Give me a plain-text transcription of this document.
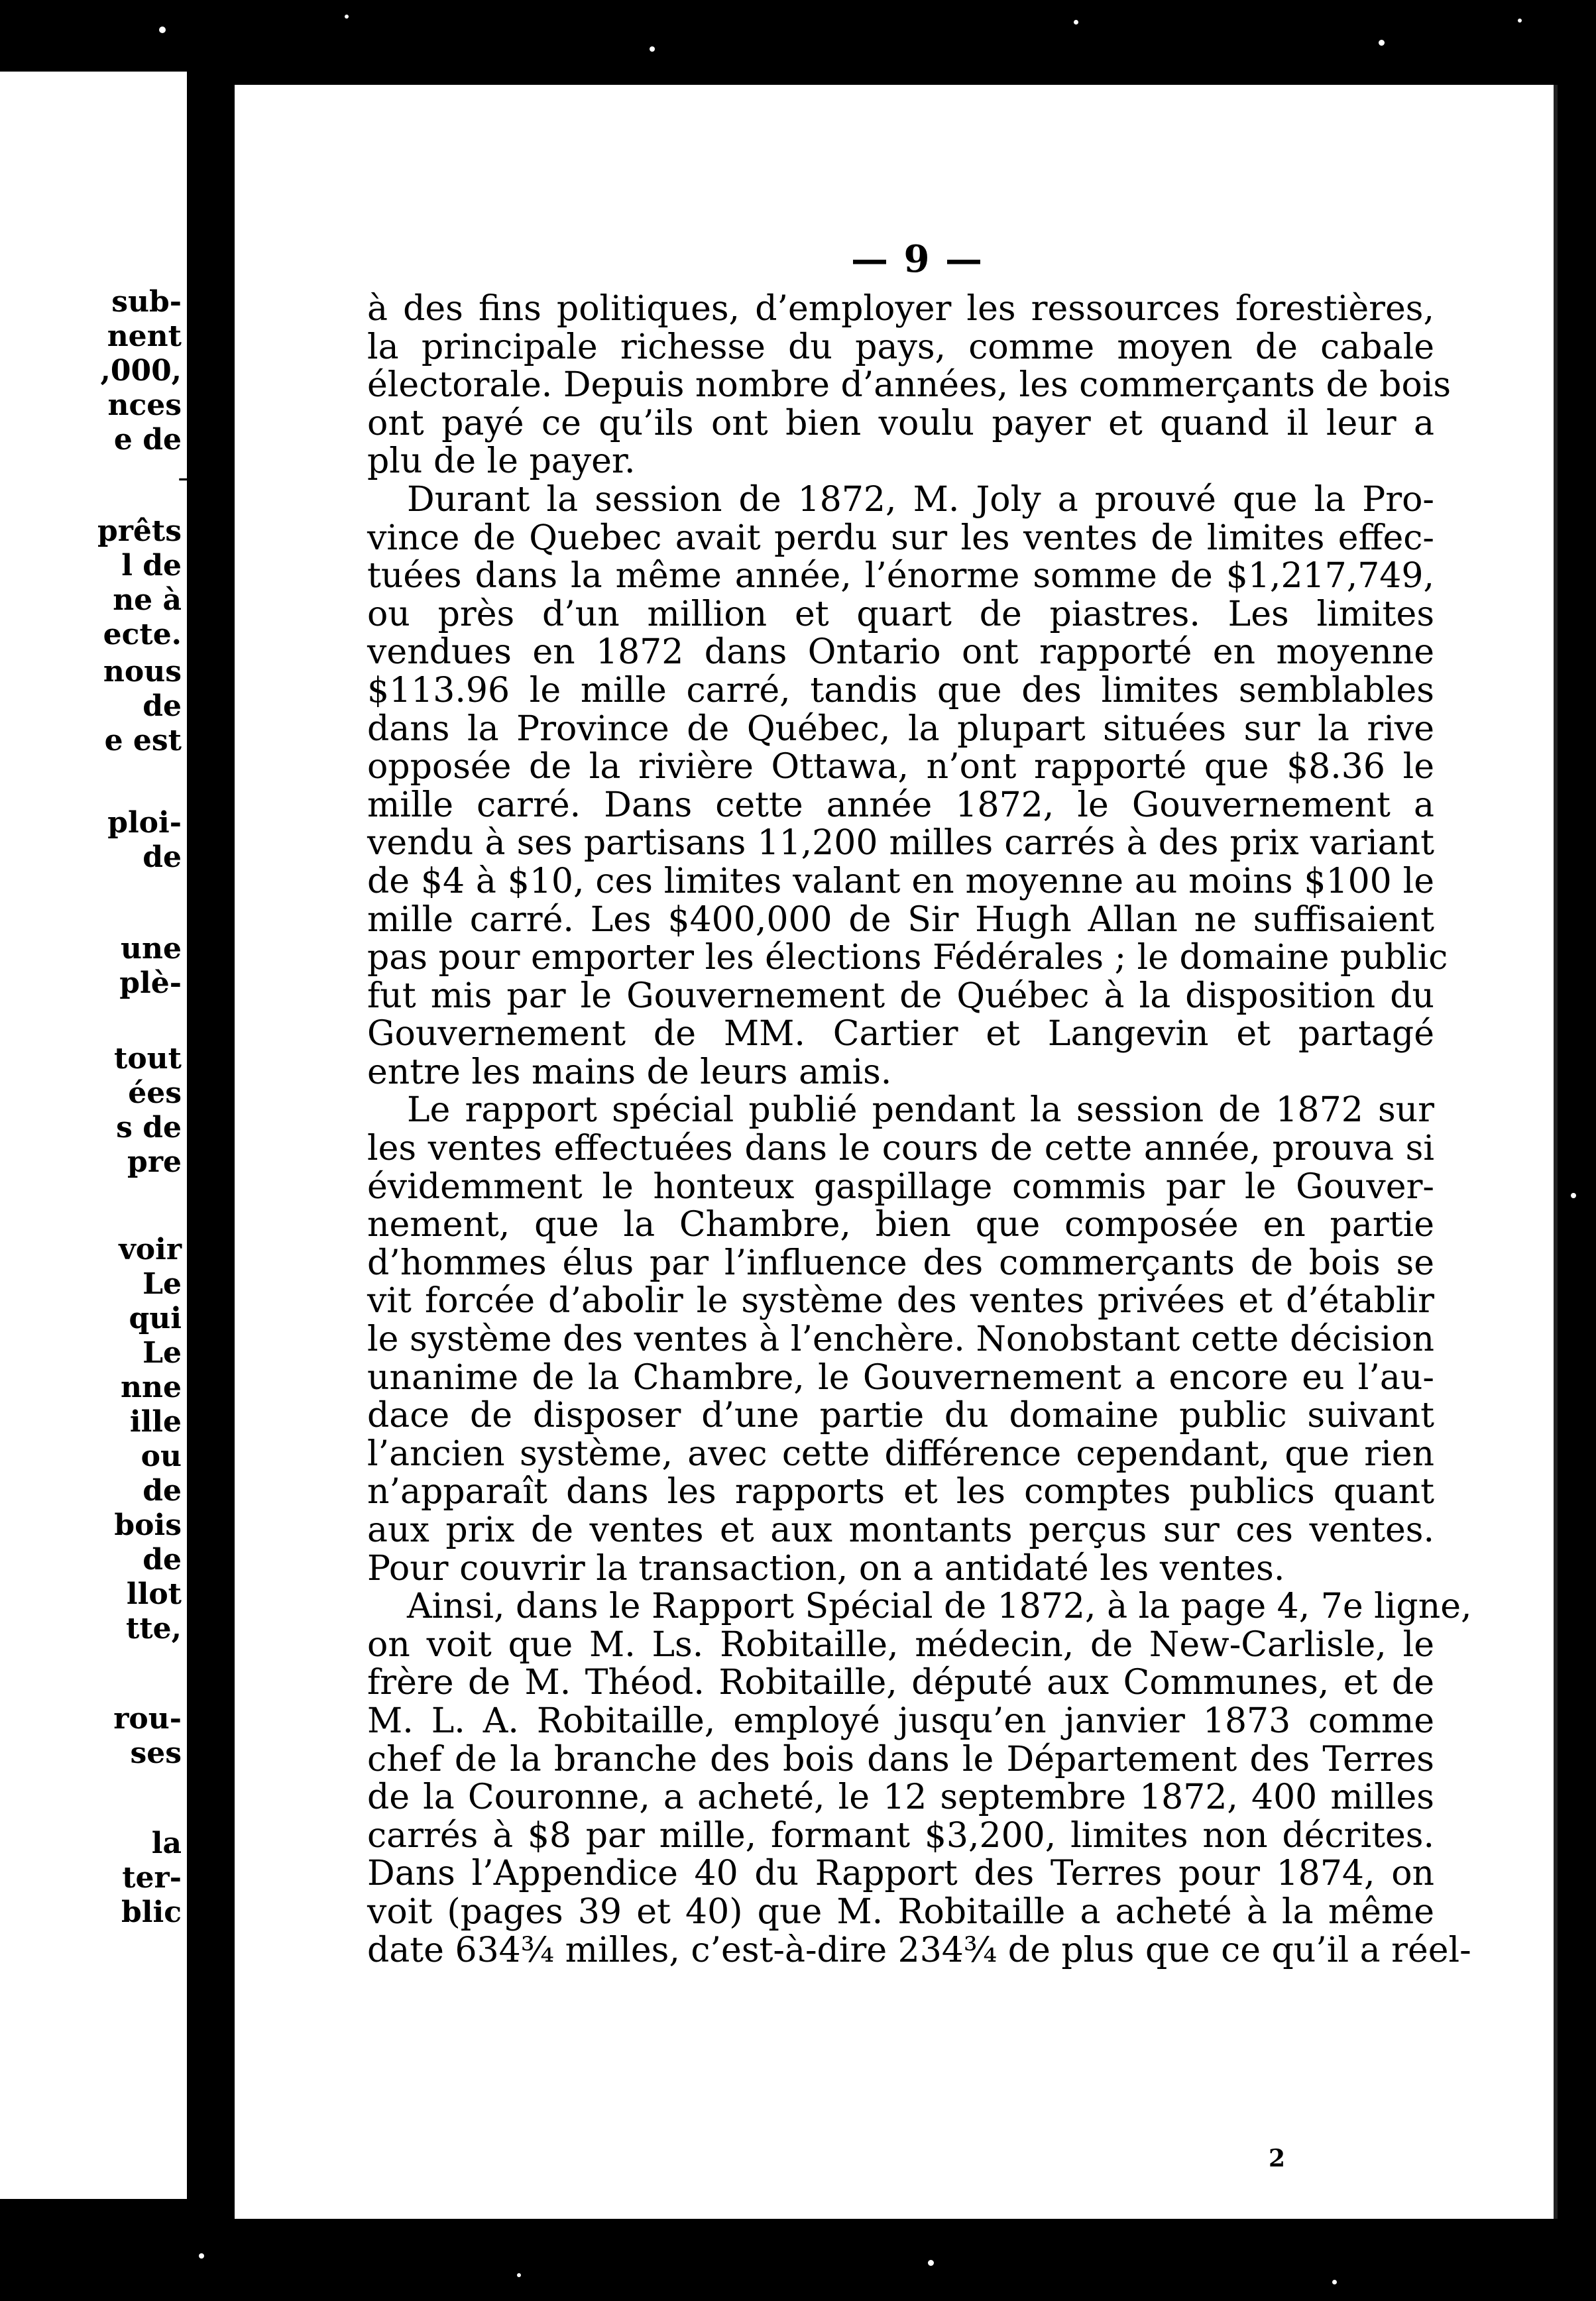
sub-
nent
,000,
nces
e de
prêts
l de
ne à
ecte.
nous
de
e est
ploi-
de
une
plè-
tout
ées
s de
pre
voir
Le
qui
Le
nne
ille
ou
de
bois
de
llot
tte,
rou-
ses
la
ter-
blic
→
— 9 —
à des fins politiques, d’employer les ressources forestières,
la principale richesse du pays, comme moyen de cabale
électorale. Depuis nombre d’années, les commerçants de bois
ont payé ce qu’ils ont bien voulu payer et quand il leur a
plu de le payer.
Durant la session de 1872, M. Joly a prouvé que la Pro-
vince de Quebec avait perdu sur les ventes de limites effec-
tuées dans la même année, l’énorme somme de $1,217,749,
ou près d’un million et quart de piastres. Les limites
vendues en 1872 dans Ontario ont rapporté en moyenne
$113.96 le mille carré, tandis que des limites semblables
dans la Province de Québec, la plupart situées sur la rive
opposée de la rivière Ottawa, n’ont rapporté que $8.36 le
mille carré. Dans cette année 1872, le Gouvernement a
vendu à ses partisans 11,200 milles carrés à des prix variant
de $4 à $10, ces limites valant en moyenne au moins $100 le
mille carré. Les $400,000 de Sir Hugh Allan ne suffisaient
pas pour emporter les élections Fédérales ; le domaine public
fut mis par le Gouvernement de Québec à la disposition du
Gouvernement de MM. Cartier et Langevin et partagé
entre les mains de leurs amis.
Le rapport spécial publié pendant la session de 1872 sur
les ventes effectuées dans le cours de cette année, prouva si
évidemment le honteux gaspillage commis par le Gouver-
nement, que la Chambre, bien que composée en partie
d’hommes élus par l’influence des commerçants de bois se
vit forcée d’abolir le système des ventes privées et d’établir
le système des ventes à l’enchère. Nonobstant cette décision
unanime de la Chambre, le Gouvernement a encore eu l’au-
dace de disposer d’une partie du domaine public suivant
l’ancien système, avec cette différence cependant, que rien
n’apparaît dans les rapports et les comptes publics quant
aux prix de ventes et aux montants perçus sur ces ventes.
Pour couvrir la transaction, on a antidaté les ventes.
Ainsi, dans le Rapport Spécial de 1872, à la page 4, 7e ligne,
on voit que M. Ls. Robitaille, médecin, de New-Carlisle, le
frère de M. Théod. Robitaille, député aux Communes, et de
M. L. A. Robitaille, employé jusqu’en janvier 1873 comme
chef de la branche des bois dans le Département des Terres
de la Couronne, a acheté, le 12 septembre 1872, 400 milles
carrés à $8 par mille, formant $3,200, limites non décrites.
Dans l’Appendice 40 du Rapport des Terres pour 1874, on
voit (pages 39 et 40) que M. Robitaille a acheté à la même
date 634¾ milles, c’est-à-dire 234¾ de plus que ce qu’il a réel-
2
